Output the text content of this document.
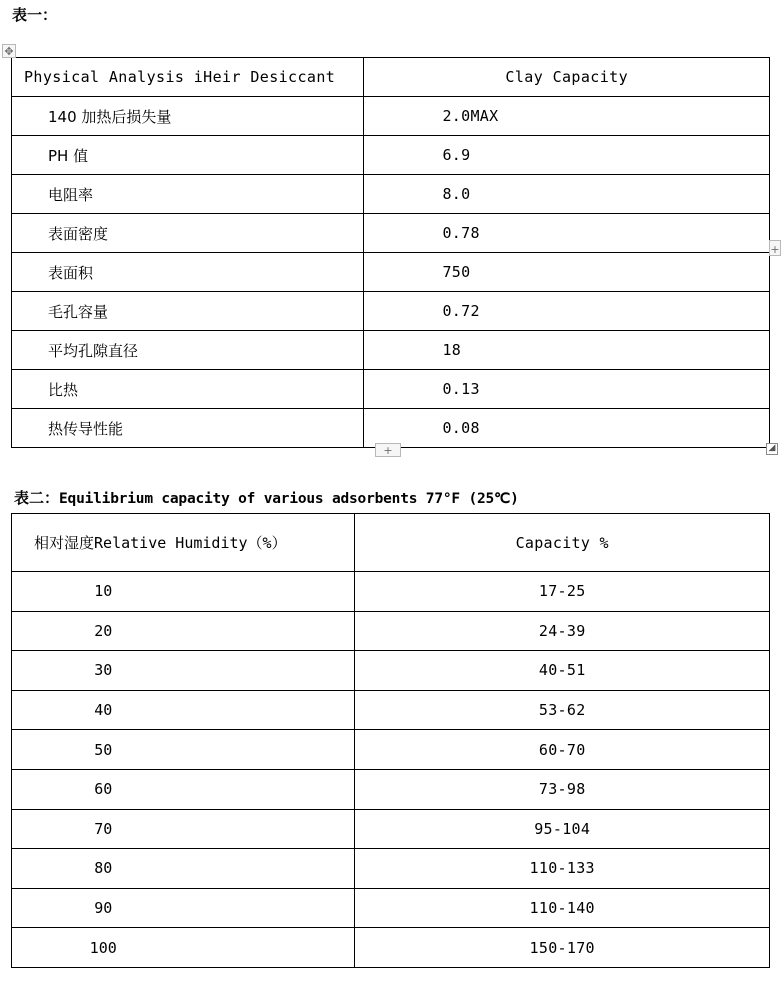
表一：
Physical Analysis iHeir Desiccant	Clay Capacity
140 加热后损失量	2.0MAX
PH 值	6.9
电阻率	8.0
表面密度	0.78
表面积	750
毛孔容量	0.72
平均孔隙直径	18
比热	0.13
热传导性能	0.08
✥
+
+	◢
表二：Equilibrium capacity of various adsorbents 77°F (25℃)
相对湿度Relative Humidity（%）	Capacity %
10	17-25
20	24-39
30	40-51
40	53-62
50	60-70
60	73-98
70	95-104
80	110-133
90	110-140
100	150-170
